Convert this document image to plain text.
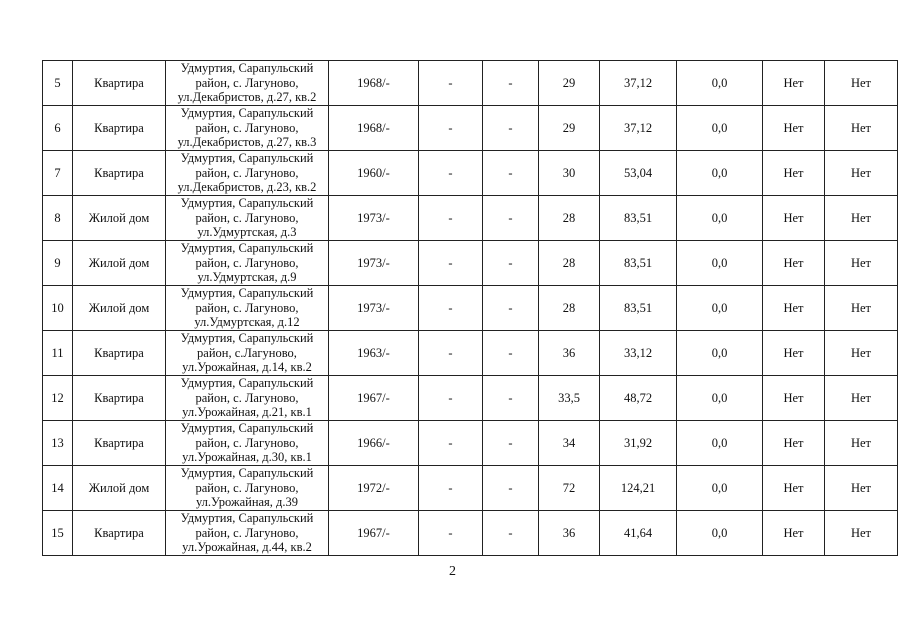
5	Квартира	Удмуртия, Сарапульский район, с. Лагуново, ул.Декабристов, д.27, кв.2	1968/-	-	-	29	37,12	0,0	Нет	Нет
6	Квартира	Удмуртия, Сарапульский район, с. Лагуново, ул.Декабристов, д.27, кв.3	1968/-	-	-	29	37,12	0,0	Нет	Нет
7	Квартира	Удмуртия, Сарапульский район, с. Лагуново, ул.Декабристов, д.23, кв.2	1960/-	-	-	30	53,04	0,0	Нет	Нет
8	Жилой дом	Удмуртия, Сарапульский район, с. Лагуново, ул.Удмуртская, д.3	1973/-	-	-	28	83,51	0,0	Нет	Нет
9	Жилой дом	Удмуртия, Сарапульский район, с. Лагуново, ул.Удмуртская, д.9	1973/-	-	-	28	83,51	0,0	Нет	Нет
10	Жилой дом	Удмуртия, Сарапульский район, с. Лагуново, ул.Удмуртская, д.12	1973/-	-	-	28	83,51	0,0	Нет	Нет
11	Квартира	Удмуртия, Сарапульский район, с.Лагуново, ул.Урожайная, д.14, кв.2	1963/-	-	-	36	33,12	0,0	Нет	Нет
12	Квартира	Удмуртия, Сарапульский район, с. Лагуново, ул.Урожайная, д.21, кв.1	1967/-	-	-	33,5	48,72	0,0	Нет	Нет
13	Квартира	Удмуртия, Сарапульский район, с. Лагуново, ул.Урожайная, д.30, кв.1	1966/-	-	-	34	31,92	0,0	Нет	Нет
14	Жилой дом	Удмуртия, Сарапульский район, с. Лагуново, ул.Урожайная, д.39	1972/-	-	-	72	124,21	0,0	Нет	Нет
15	Квартира	Удмуртия, Сарапульский район, с. Лагуново, ул.Урожайная, д.44, кв.2	1967/-	-	-	36	41,64	0,0	Нет	Нет
2
